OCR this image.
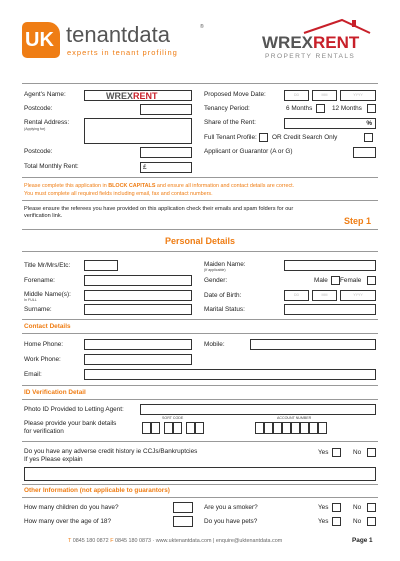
UK tenantdata	®
experts in tenant profiling
WREXRENT
PROPERTY RENTALS
Agent's Name:	WREXRENT
Postcode:
Rental Address:
(Applying for)
Postcode:
Total Monthly Rent:	£
Proposed Move Date:	DD	MM	YYYY
Tenancy Period:	6 Months	12 Months
Share of the Rent:	%
Full Tenant Profile: OR Credit Search Only
Applicant or Guarantor (A or G)
Please complete this application in BLOCK CAPITALS and ensure all information and contact details are correct.
You must complete all required fields including email, fax and contact numbers.
Please ensure the referees you have provided on this application check their emails and spam folders for our
verification link.	Step 1
Personal Details
Title Mr/Mrs/Etc:
Forename:
Middle Name(s):
In FULL
Surname:
Maiden Name:
(If applicable)
Gender:	Male Female
Date of Birth:	DD	MM	YYYY
Marital Status:
Contact Details
Home Phone:	Mobile:
Work Phone:
Email:
ID Verification Detail
Photo ID Provided to Letting Agent:
Please provide your bank details
for verification
SORT CODE	ACCOUNT NUMBER
Do you have any adverse credit history ie CCJs/Bankruptcies
If yes Please explain
Yes	No
Other Information (not applicable to guarantors)
How many children do you have?
How many over the age of 18?
Are you a smoker?	Yes	No
Do you have pets?	Yes	No
T 0845 180 0872 F 0845 180 0873 · www.uktenantdata.com | enquire@uktenantdata.com	Page 1
